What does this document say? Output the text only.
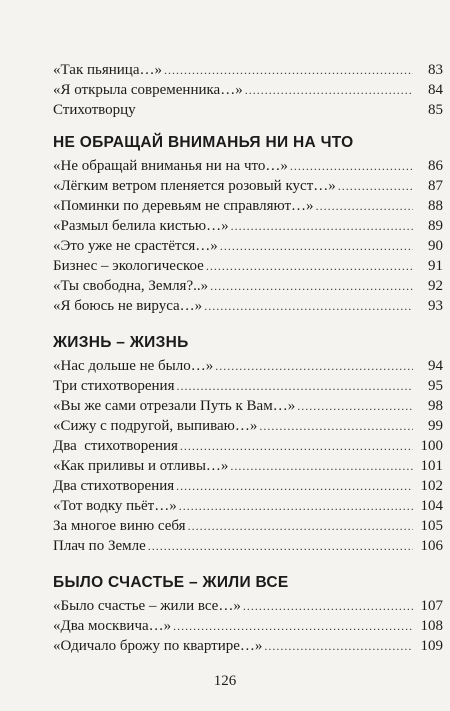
«Так пьяница…» .....	83
«Я открыла современника…» .....	84
Стихотворцу	85
НЕ ОБРАЩАЙ ВНИМАНЬЯ НИ НА ЧТО
«Не обращай вниманья ни на что…» .....	86
«Лёгким ветром пленяется розовый куст…» .....	87
«Поминки по деревьям не справляют…» .....	88
«Размыл белила кистью…» .....	89
«Это уже не срастётся…» .....	90
Бизнес – экологическое .....	91
«Ты свободна, Земля?..» .....	92
«Я боюсь не вируса…» .....	93
ЖИЗНЬ – ЖИЗНЬ
«Нас дольше не было…» .....	94
Три стихотворения .....	95
«Вы же сами отрезали Путь к Вам…» .....	98
«Сижу с подругой, выпиваю…» .....	99
Два  стихотворения .....	100
«Как приливы и отливы…» .....	101
Два стихотворения .....	102
«Тот водку пьёт…» .....	104
За многое виню себя .....	105
Плач по Земле .....	106
БЫЛО СЧАСТЬЕ – ЖИЛИ ВСЕ
«Было счастье – жили все…» .....	107
«Два москвича…» .....	108
«Одичало брожу по квартире…» .....	109
126
